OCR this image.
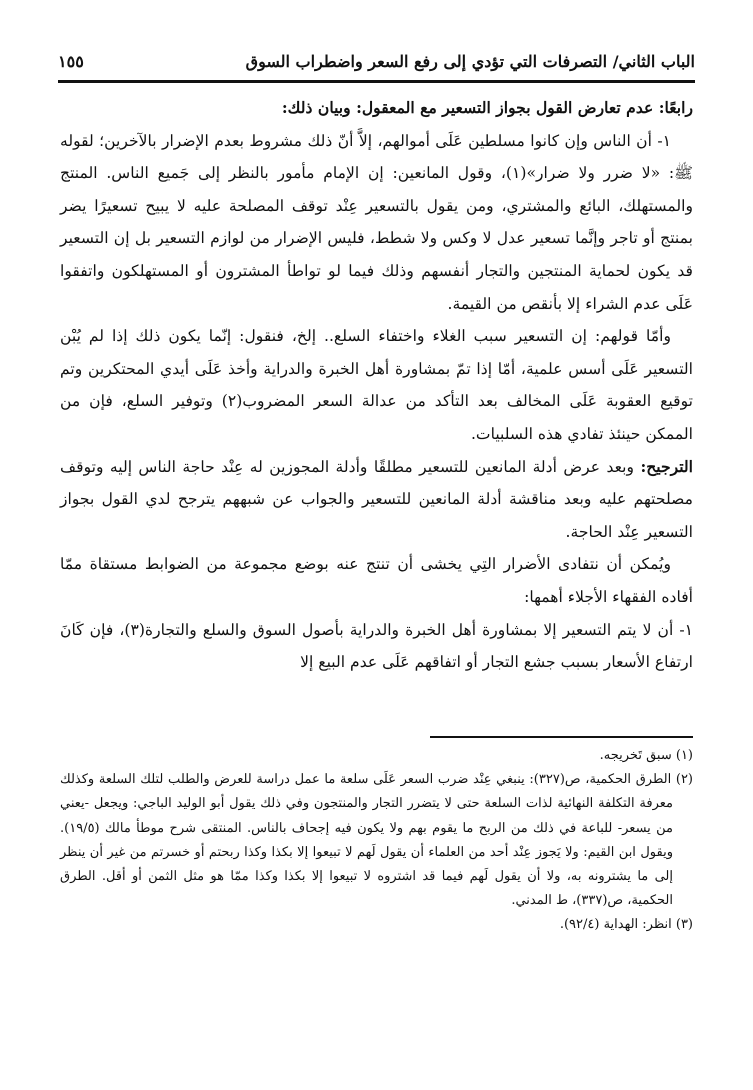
الباب الثاني/ التصرفات التي تؤدي إلى رفع السعر واضطراب السوق
١٥٥

رابعًا: عدم تعارض القول بجواز التسعير مع المعقول: وبيان ذلك:

١- أن الناس وإن كانوا مسلطين عَلَى أموالهم، إلاَّ أنّ ذلك مشروط بعدم الإضرار بالآخرين؛ لقوله ﷺ: «لا ضرر ولا ضرار»(١)، وقول المانعين: إن الإمام مأمور بالنظر إلى جَميع الناس. المنتج والمستهلك، البائع والمشتري، ومن يقول بالتسعير عِنْد توقف المصلحة عليه لا يبيح تسعيرًا يضر بمنتج أو تاجر وإنَّما تسعير عدل لا وكس ولا شطط، فليس الإضرار من لوازم التسعير بل إن التسعير قد يكون لحماية المنتجين والتجار أنفسهم وذلك فيما لو تواطأ المشترون أو المستهلكون واتفقوا عَلَى عدم الشراء إلا بأنقص من القيمة.

وأمّا قولهم: إن التسعير سبب الغلاء واختفاء السلع.. إلخ، فنقول: إنّما يكون ذلك إذا لم يُبْن التسعير عَلَى أسس علمية، أمّا إذا تمّ بمشاورة أهل الخبرة والدراية وأخذ عَلَى أيدي المحتكرين وتم توقيع العقوبة عَلَى المخالف بعد التأكد من عدالة السعر المضروب(٢) وتوفير السلع، فإن من الممكن حينئذ تفادي هذه السلبيات.

الترجيح: وبعد عرض أدلة المانعين للتسعير مطلقًا وأدلة المجوزين له عِنْد حاجة الناس إليه وتوقف مصلحتهم عليه وبعد مناقشة أدلة المانعين للتسعير والجواب عن شبههم يترجح لدي القول بجواز التسعير عِنْد الحاجة.

ويُمكن أن نتفادى الأضرار التِي يخشى أن تنتج عنه بوضع مجموعة من الضوابط مستقاة ممّا أفاده الفقهاء الأجلاء أهمها:

١- أن لا يتم التسعير إلا بمشاورة أهل الخبرة والدراية بأصول السوق والسلع والتجارة(٣)، فإن كَانَ ارتفاع الأسعار بسبب جشع التجار أو اتفاقهم عَلَى عدم البيع إلا

(١) سبق تَخريجه.

(٢) الطرق الحكمية، ص(٣٢٧): ينبغي عِنْد ضرب السعر عَلَى سلعة ما عمل دراسة للعرض والطلب لتلك السلعة وكذلك معرفة التكلفة النهائية لذات السلعة حتى لا يتضرر التجار والمنتجون وفي ذلك يقول أبو الوليد الباجي: ويجعل -يعني من يسعر- للباعة في ذلك من الربح ما يقوم بهم ولا يكون فيه إجحاف بالناس. المنتقى شرح موطأ مالك (١٩/٥). ويقول ابن القيم: ولا يَجوز عِنْد أحد من العلماء أن يقول لَهم لا تبيعوا إلا بكذا وكذا ربحتم أو خسرتم من غير أن ينظر إلى ما يشترونه به، ولا أن يقول لَهم فيما قد اشتروه لا تبيعوا إلا بكذا وكذا ممّا هو مثل الثمن أو أقل. الطرق الحكمية، ص(٣٣٧)، ط المدني.

(٣) انظر: الهداية (٩٢/٤).
